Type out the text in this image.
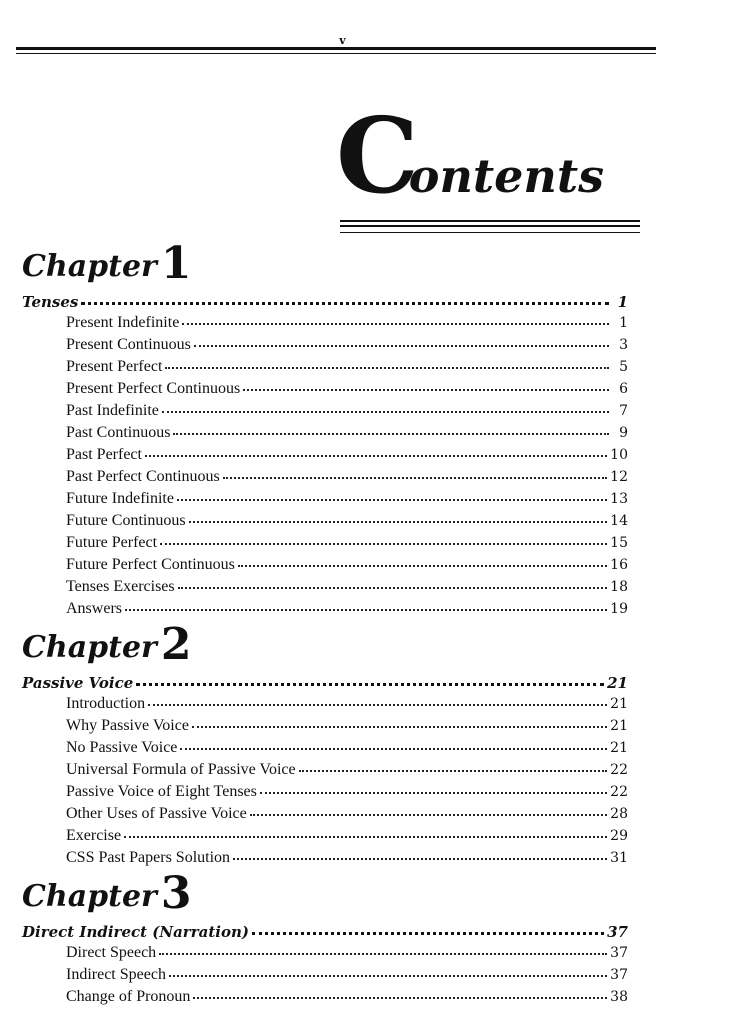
v
Contents
Chapter1
Tenses	1
Present Indefinite	1
Present Continuous	3
Present Perfect	5
Present Perfect Continuous	6
Past Indefinite	7
Past Continuous	9
Past Perfect	10
Past Perfect Continuous	12
Future Indefinite	13
Future Continuous	14
Future Perfect	15
Future Perfect Continuous	16
Tenses Exercises	18
Answers	19
Chapter2
Passive Voice	21
Introduction	21
Why Passive Voice	21
No Passive Voice	21
Universal Formula of Passive Voice	22
Passive Voice of Eight Tenses	22
Other Uses of Passive Voice	28
Exercise	29
CSS Past Papers Solution	31
Chapter3
Direct Indirect (Narration)	37
Direct Speech	37
Indirect Speech	37
Change of Pronoun	38
